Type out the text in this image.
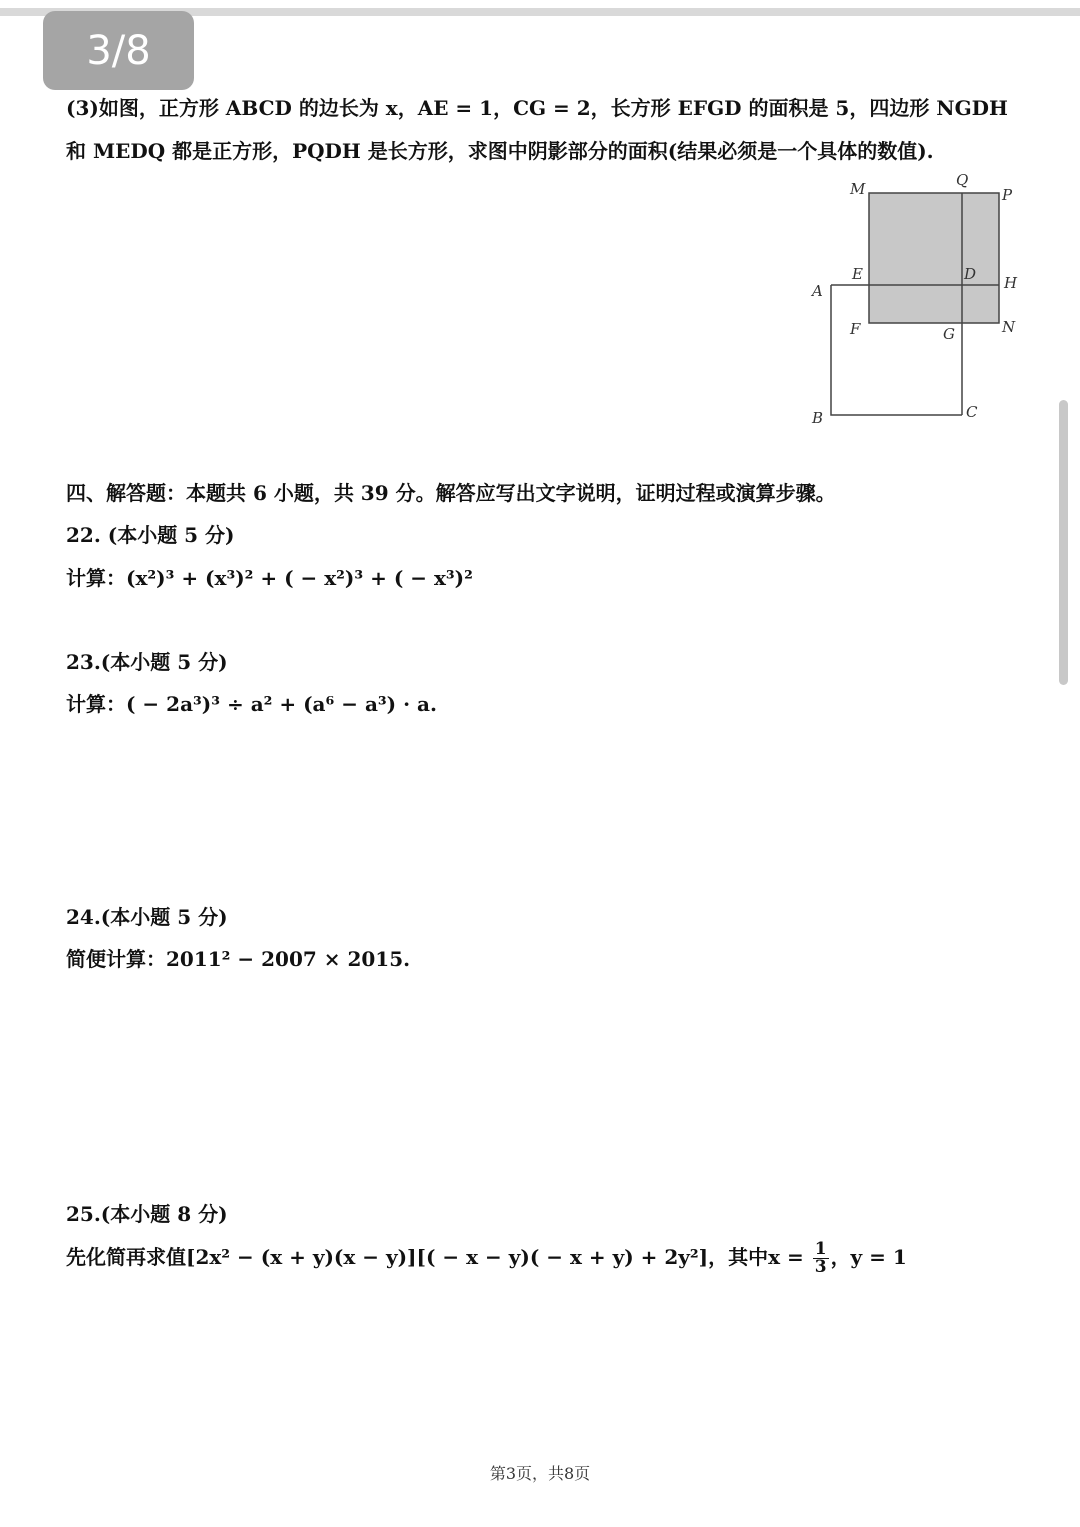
3/8
(3)如图，正方形 ABCD 的边长为 x，AE = 1，CG = 2，长方形 EFGD 的面积是 5，四边形 NGDH
和 MEDQ 都是正方形，PQDH 是长方形，求图中阴影部分的面积(结果必须是一个具体的数值).
M	Q
P
E	D H
A
F	G	N
B	C
四、解答题：本题共 6 小题，共 39 分。解答应写出文字说明，证明过程或演算步骤。
22. (本小题 5 分)
计算：(x²)³ + (x³)² + ( − x²)³ + ( − x³)²
23.(本小题 5 分)
计算：( − 2a³)³ ÷ a² + (a⁶ − a³) · a.
24.(本小题 5 分)
简便计算：2011² − 2007 × 2015.
25.(本小题 8 分)
先化简再求值[2x² − (x + y)(x − y)][( − x − y)( − x + y) + 2y²]，其中$x = \frac{1}{3}$ ，y = 1
第3页，共8页
